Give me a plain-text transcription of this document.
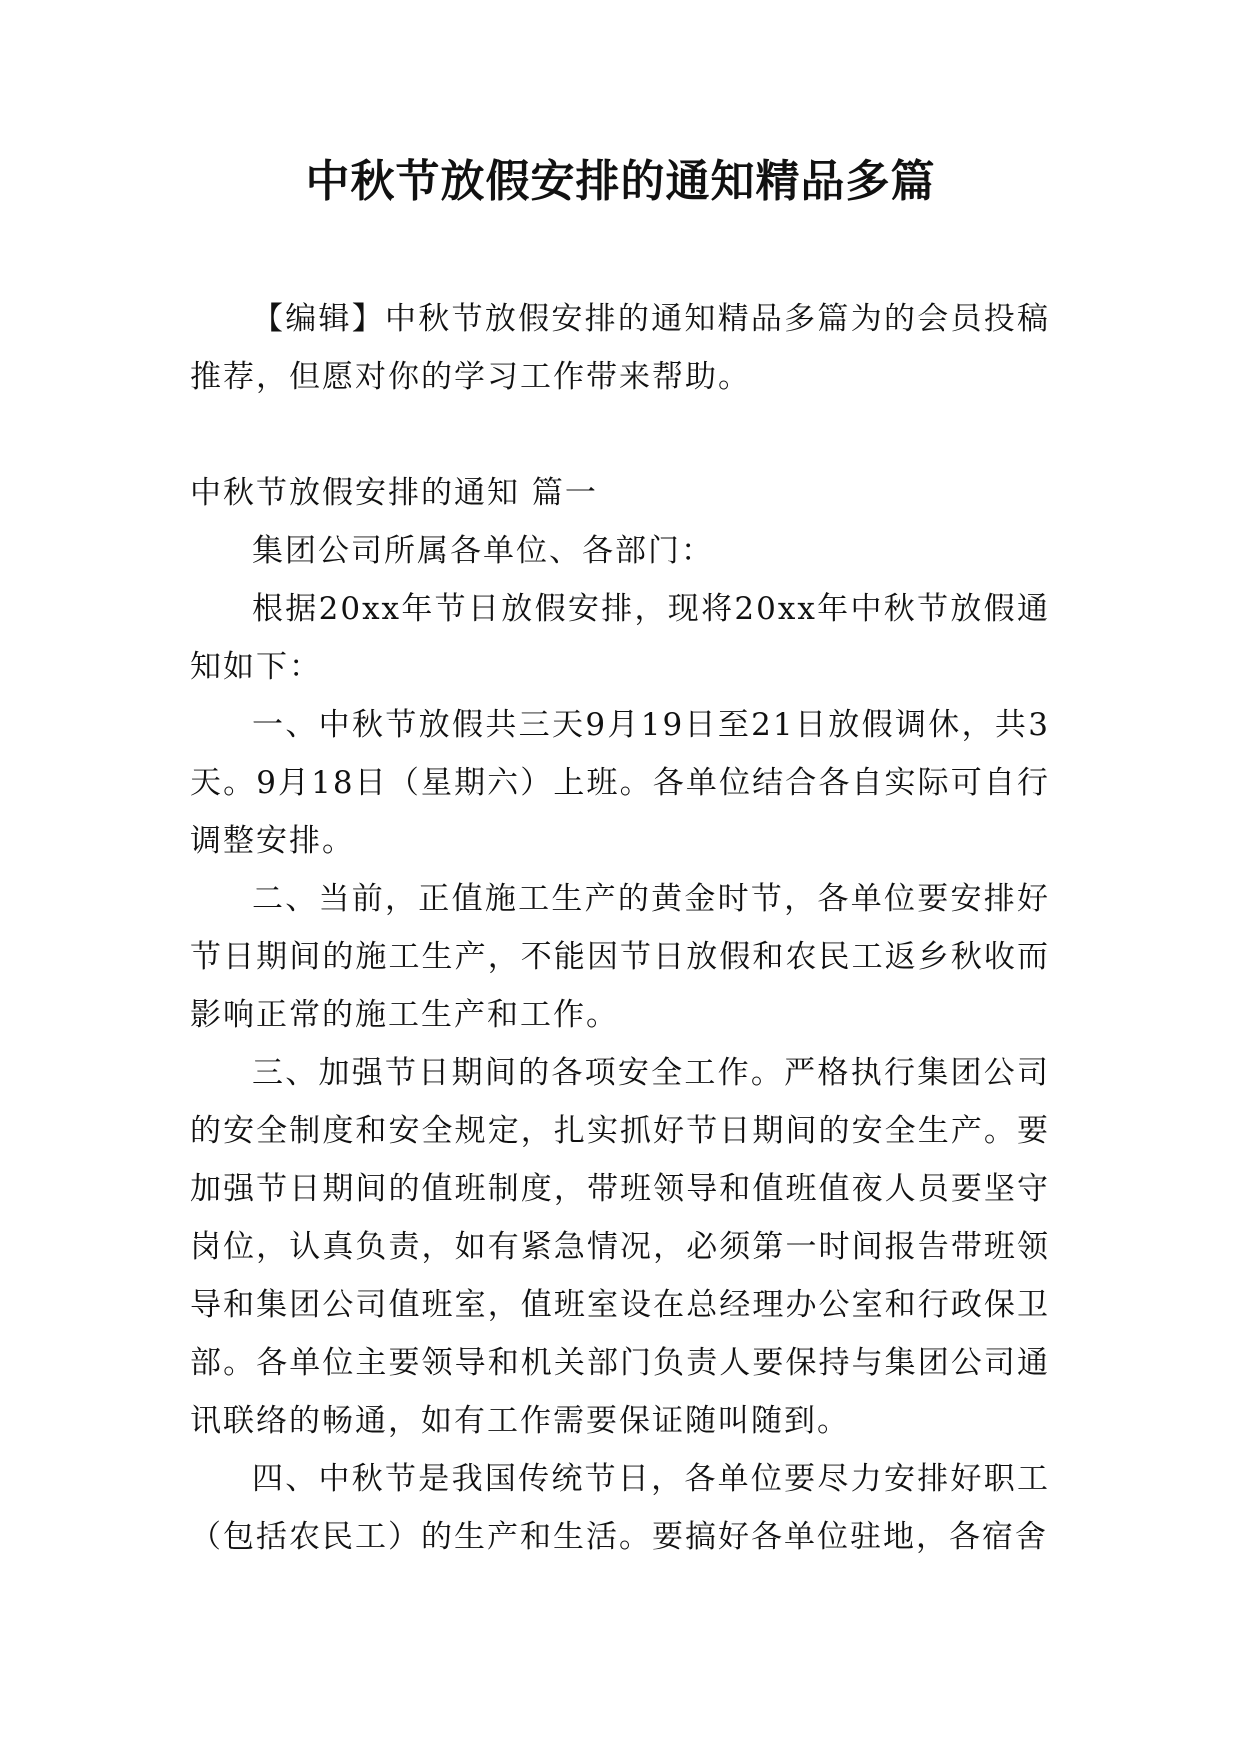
中秋节放假安排的通知精品多篇

【编辑】中秋节放假安排的通知精品多篇为的会员投稿推荐，但愿对你的学习工作带来帮助。

中秋节放假安排的通知 篇一

集团公司所属各单位、各部门：

根据20xx年节日放假安排，现将20xx年中秋节放假通知如下：

一、中秋节放假共三天9月19日至21日放假调休，共3天。9月18日（星期六）上班。各单位结合各自实际可自行调整安排。

二、当前，正值施工生产的黄金时节，各单位要安排好节日期间的施工生产，不能因节日放假和农民工返乡秋收而影响正常的施工生产和工作。

三、加强节日期间的各项安全工作。严格执行集团公司的安全制度和安全规定，扎实抓好节日期间的安全生产。要加强节日期间的值班制度，带班领导和值班值夜人员要坚守岗位，认真负责，如有紧急情况，必须第一时间报告带班领导和集团公司值班室，值班室设在总经理办公室和行政保卫部。各单位主要领导和机关部门负责人要保持与集团公司通讯联络的畅通，如有工作需要保证随叫随到。

四、中秋节是我国传统节日，各单位要尽力安排好职工（包括农民工）的生产和生活。要搞好各单位驻地，各宿舍
